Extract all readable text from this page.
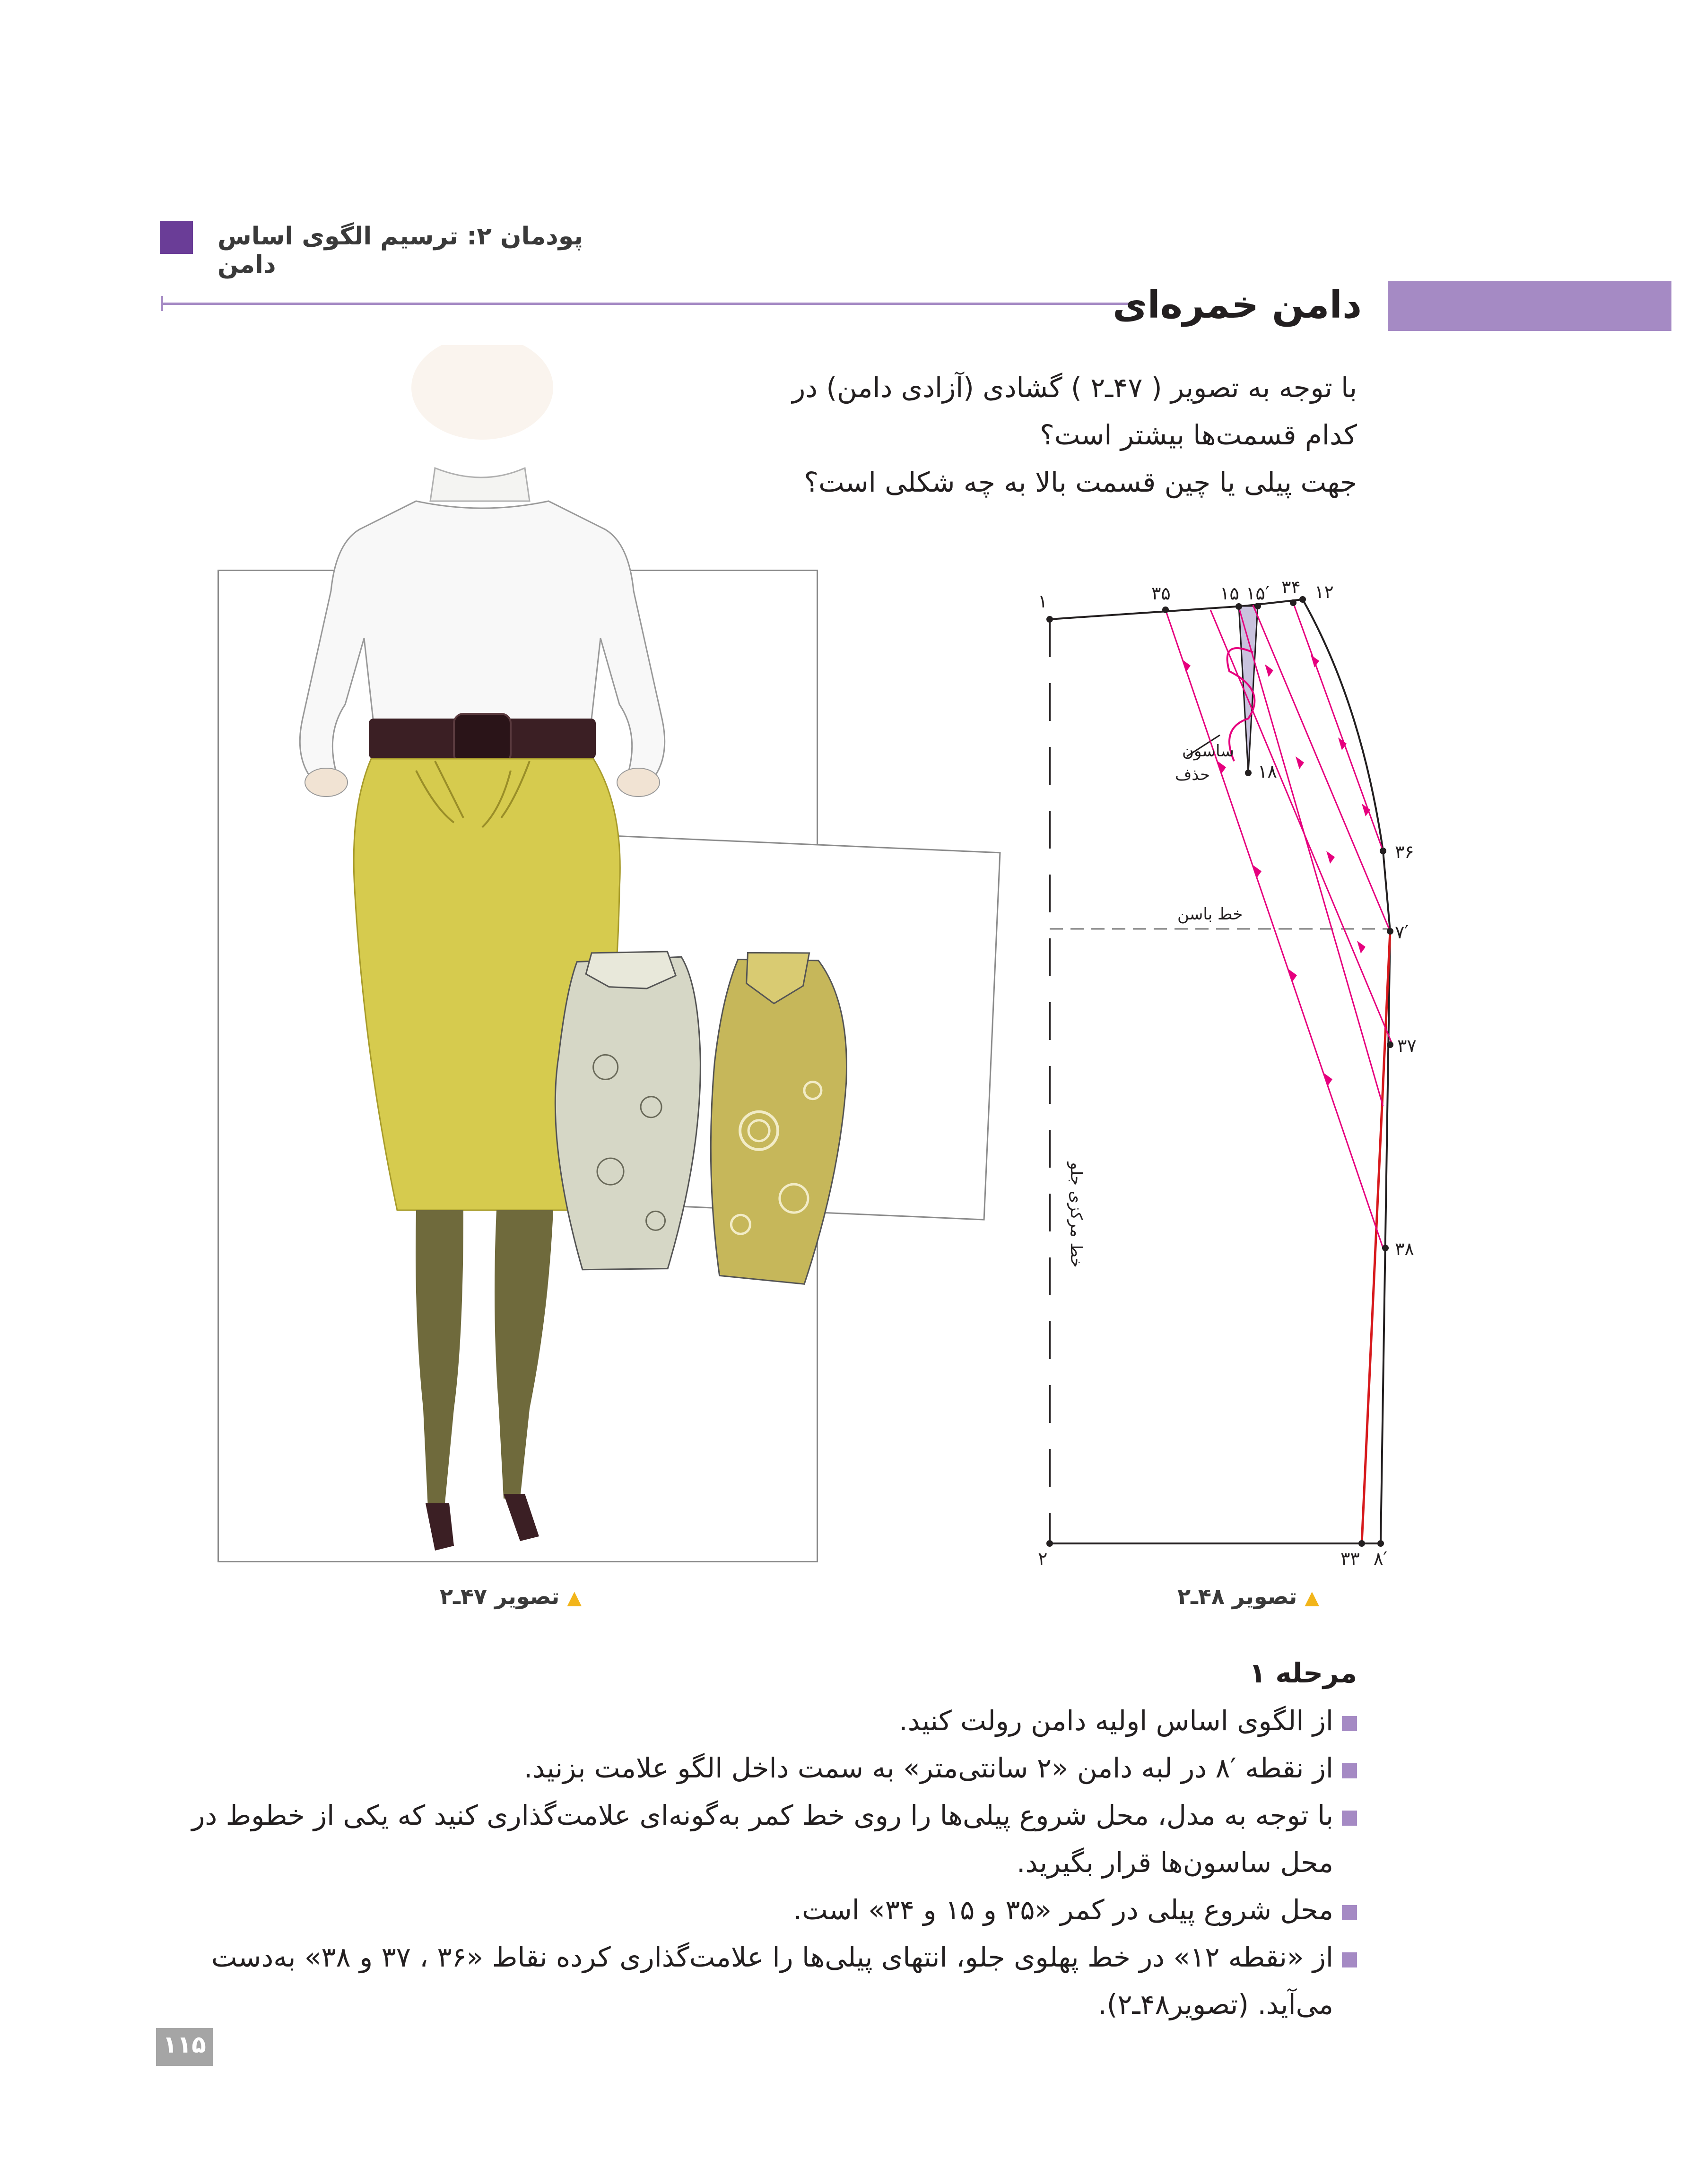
پودمان ۲: ترسیم الگوی اساس دامن
دامن خمره‌ای

با توجه به تصویر ( ۴۷ـ۲ ) گشادی (آزادی دامن) در

کدام قسمت‌ها بیشتر است؟

جهت پیلی یا چین قسمت بالا به چه شکلی است؟

۱	۳۵	۱۵ ۱۵′ ۳۴ ۱۲
۱۸
۳۶
۷′
۳۷
۳۸
۲	۳۳ ۸′
ساسون
حذف
خط باسن
خط مرکزی جلو
▲ تصویر ۴۷ـ۲	▲ تصویر ۴۸ـ۲
مرحله ۱

از الگوی اساس اولیه دامن رولت کنید.

از نقطه ′۸ در لبه دامن «۲ سانتی‌متر» به سمت داخل الگو علامت بزنید.

با توجه به مدل، محل شروع پیلی‌ها را روی خط کمر به‌گونه‌ای علامت‌گذاری کنید که یکی از خطوط در محل ساسون‌ها قرار بگیرید.

محل شروع پیلی در کمر «۳۵ و ۱۵ و ۳۴» است.

از «نقطه ۱۲» در خط پهلوی جلو، انتهای پیلی‌ها را علامت‌گذاری کرده نقاط «۳۶ ، ۳۷ و ۳۸» به‌دست می‌آید. (تصویر۴۸ـ۲).

۱۱۵
